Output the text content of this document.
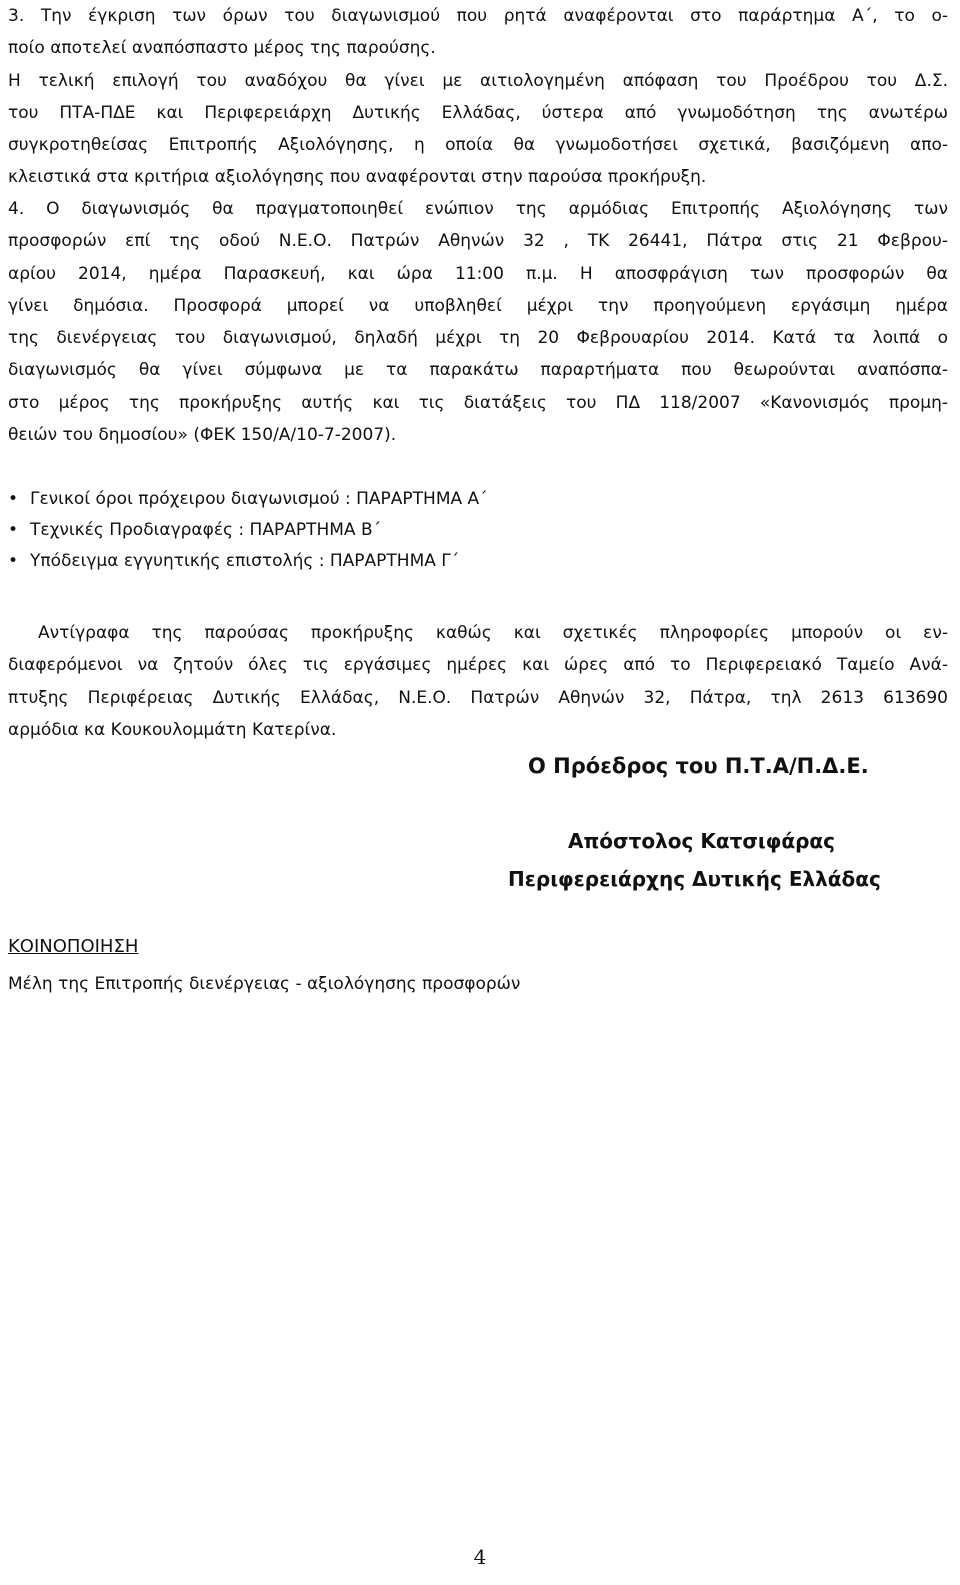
3. Την έγκριση των όρων του διαγωνισμού που ρητά αναφέρονται στο παράρτημα Α΄, το ο-
ποίο αποτελεί αναπόσπαστο μέρος της παρούσης.
Η τελική επιλογή του αναδόχου θα γίνει με αιτιολογημένη απόφαση του Προέδρου του Δ.Σ.
του ΠΤΑ-ΠΔΕ και Περιφερειάρχη Δυτικής Ελλάδας, ύστερα από γνωμοδότηση της ανωτέρω
συγκροτηθείσας Επιτροπής Αξιολόγησης, η οποία θα γνωμοδοτήσει σχετικά, βασιζόμενη απο-
κλειστικά στα κριτήρια αξιολόγησης που αναφέρονται στην παρούσα προκήρυξη.
4. Ο διαγωνισμός θα πραγματοποιηθεί ενώπιον της αρμόδιας Επιτροπής Αξιολόγησης των
προσφορών επί της οδού Ν.Ε.Ο. Πατρών Αθηνών 32 , ΤΚ 26441, Πάτρα στις 21 Φεβρου-
αρίου 2014, ημέρα Παρασκευή, και ώρα 11:00 π.μ. Η αποσφράγιση των προσφορών θα
γίνει δημόσια. Προσφορά μπορεί να υποβληθεί μέχρι την προηγούμενη εργάσιμη ημέρα
της διενέργειας του διαγωνισμού, δηλαδή μέχρι τη 20 Φεβρουαρίου 2014. Κατά τα λοιπά ο
διαγωνισμός θα γίνει σύμφωνα με τα παρακάτω παραρτήματα που θεωρούνται αναπόσπα-
στο μέρος της προκήρυξης αυτής και τις διατάξεις του ΠΔ 118/2007 «Κανονισμός προμη-
θειών του δημοσίου» (ΦΕΚ 150/Α/10-7-2007).
• Γενικοί όροι πρόχειρου διαγωνισμού : ΠΑΡΑΡΤΗΜΑ Α΄
• Τεχνικές Προδιαγραφές : ΠΑΡΑΡΤΗΜΑ Β΄
• Υπόδειγμα εγγυητικής επιστολής : ΠΑΡΑΡΤΗΜΑ Γ΄
Αντίγραφα της παρούσας προκήρυξης καθώς και σχετικές πληροφορίες μπορούν οι εν-
διαφερόμενοι να ζητούν όλες τις εργάσιμες ημέρες και ώρες από το Περιφερειακό Ταμείο Ανά-
πτυξης Περιφέρειας Δυτικής Ελλάδας, Ν.Ε.Ο. Πατρών Αθηνών 32, Πάτρα, τηλ 2613 613690
αρμόδια κα Κουκουλομμάτη Κατερίνα.
Ο Πρόεδρος του Π.Τ.Α/Π.Δ.Ε.
Απόστολος Κατσιφάρας
Περιφερειάρχης Δυτικής Ελλάδας
ΚΟΙΝΟΠΟΙΗΣΗ
Μέλη της Επιτροπής διενέργειας - αξιολόγησης προσφορών
4
